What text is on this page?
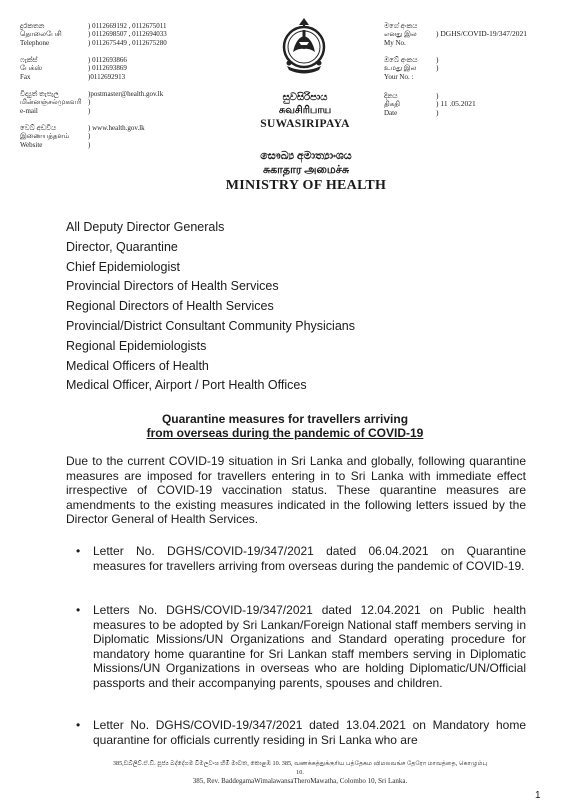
දුරකතන
தொலைபேசி
Telephone
) 0112669192 , 0112675011
) 0112698507 , 0112694033
) 0112675449 , 0112675280
ෆැක්ස්
பேக்ஸ்
Fax
) 0112693866
) 0112693869
)0112692913
විද්‍යුත් තැපැල
மின்னஞ்சல்முகவரி
e-mail
)postmaster@health.gov.lk
)
)
වෙබ් අඩවිය
இணையத்தளம்
Website
) www.health.gov.lk
)
)
මගේ අංකය
எனது இல
My No.
) DGHS/COVID-19/347/2021
ඔබේ අංකය
உமது இல
Your No. :
)
)
දිනය
திகதி
Date
)
) 11 .05.2021
)
සුවසිරිපාය
சுவசிரிபாய
SUWASIRIPAYA
සෞඛ්‍ය අමාත්‍යාංශය
சுகாதார அமைச்சு
MINISTRY OF HEALTH
All Deputy Director Generals
Director, Quarantine
Chief Epidemiologist
Provincial Directors of Health Services
Regional Directors of Health Services
Provincial/District Consultant Community Physicians
Regional Epidemiologists
Medical Officers of Health
Medical Officer, Airport / Port Health Offices
Quarantine measures for travellers arriving
from overseas during the pandemic of COVID-19
Due to the current COVID-19 situation in Sri Lanka and globally, following quarantine measures are imposed for travellers entering in to Sri Lanka with immediate effect irrespective of COVID-19 vaccination status. These quarantine measures are amendments to the existing measures indicated in the following letters issued by the Director General of Health Services.
• Letter No. DGHS/COVID-19/347/2021 dated 06.04.2021 on Quarantine measures for travellers arriving from overseas during the pandemic of COVID-19.
• Letters No. DGHS/COVID-19/347/2021 dated 12.04.2021 on Public health measures to be adopted by Sri Lankan/Foreign National staff members serving in Diplomatic Missions/UN Organizations and Standard operating procedure for mandatory home quarantine for Sri Lankan staff members serving in Diplomatic Missions/UN Organizations in overseas who are holding Diplomatic/UN/Official passports and their accompanying parents, spouses and children.
• Letter No. DGHS/COVID-19/347/2021 dated 13.04.2021 on Mandatory home quarantine for officials currently residing in Sri Lanka who are
385,ඩබ්ලිව්.ඒ.ඩී. පූජ්‍ය බද්දේගම විමලවංශ හිමි මාවත, කොළඹ 10. 385, வணக்கத்துக்குரிய பத்தேகம விமலவங்ச தேரோ மாவத்தை, கொழும்பு 10.
385, Rev. BaddegamaWimalawansaTheroMawatha, Colombo 10, Sri Lanka.
1
